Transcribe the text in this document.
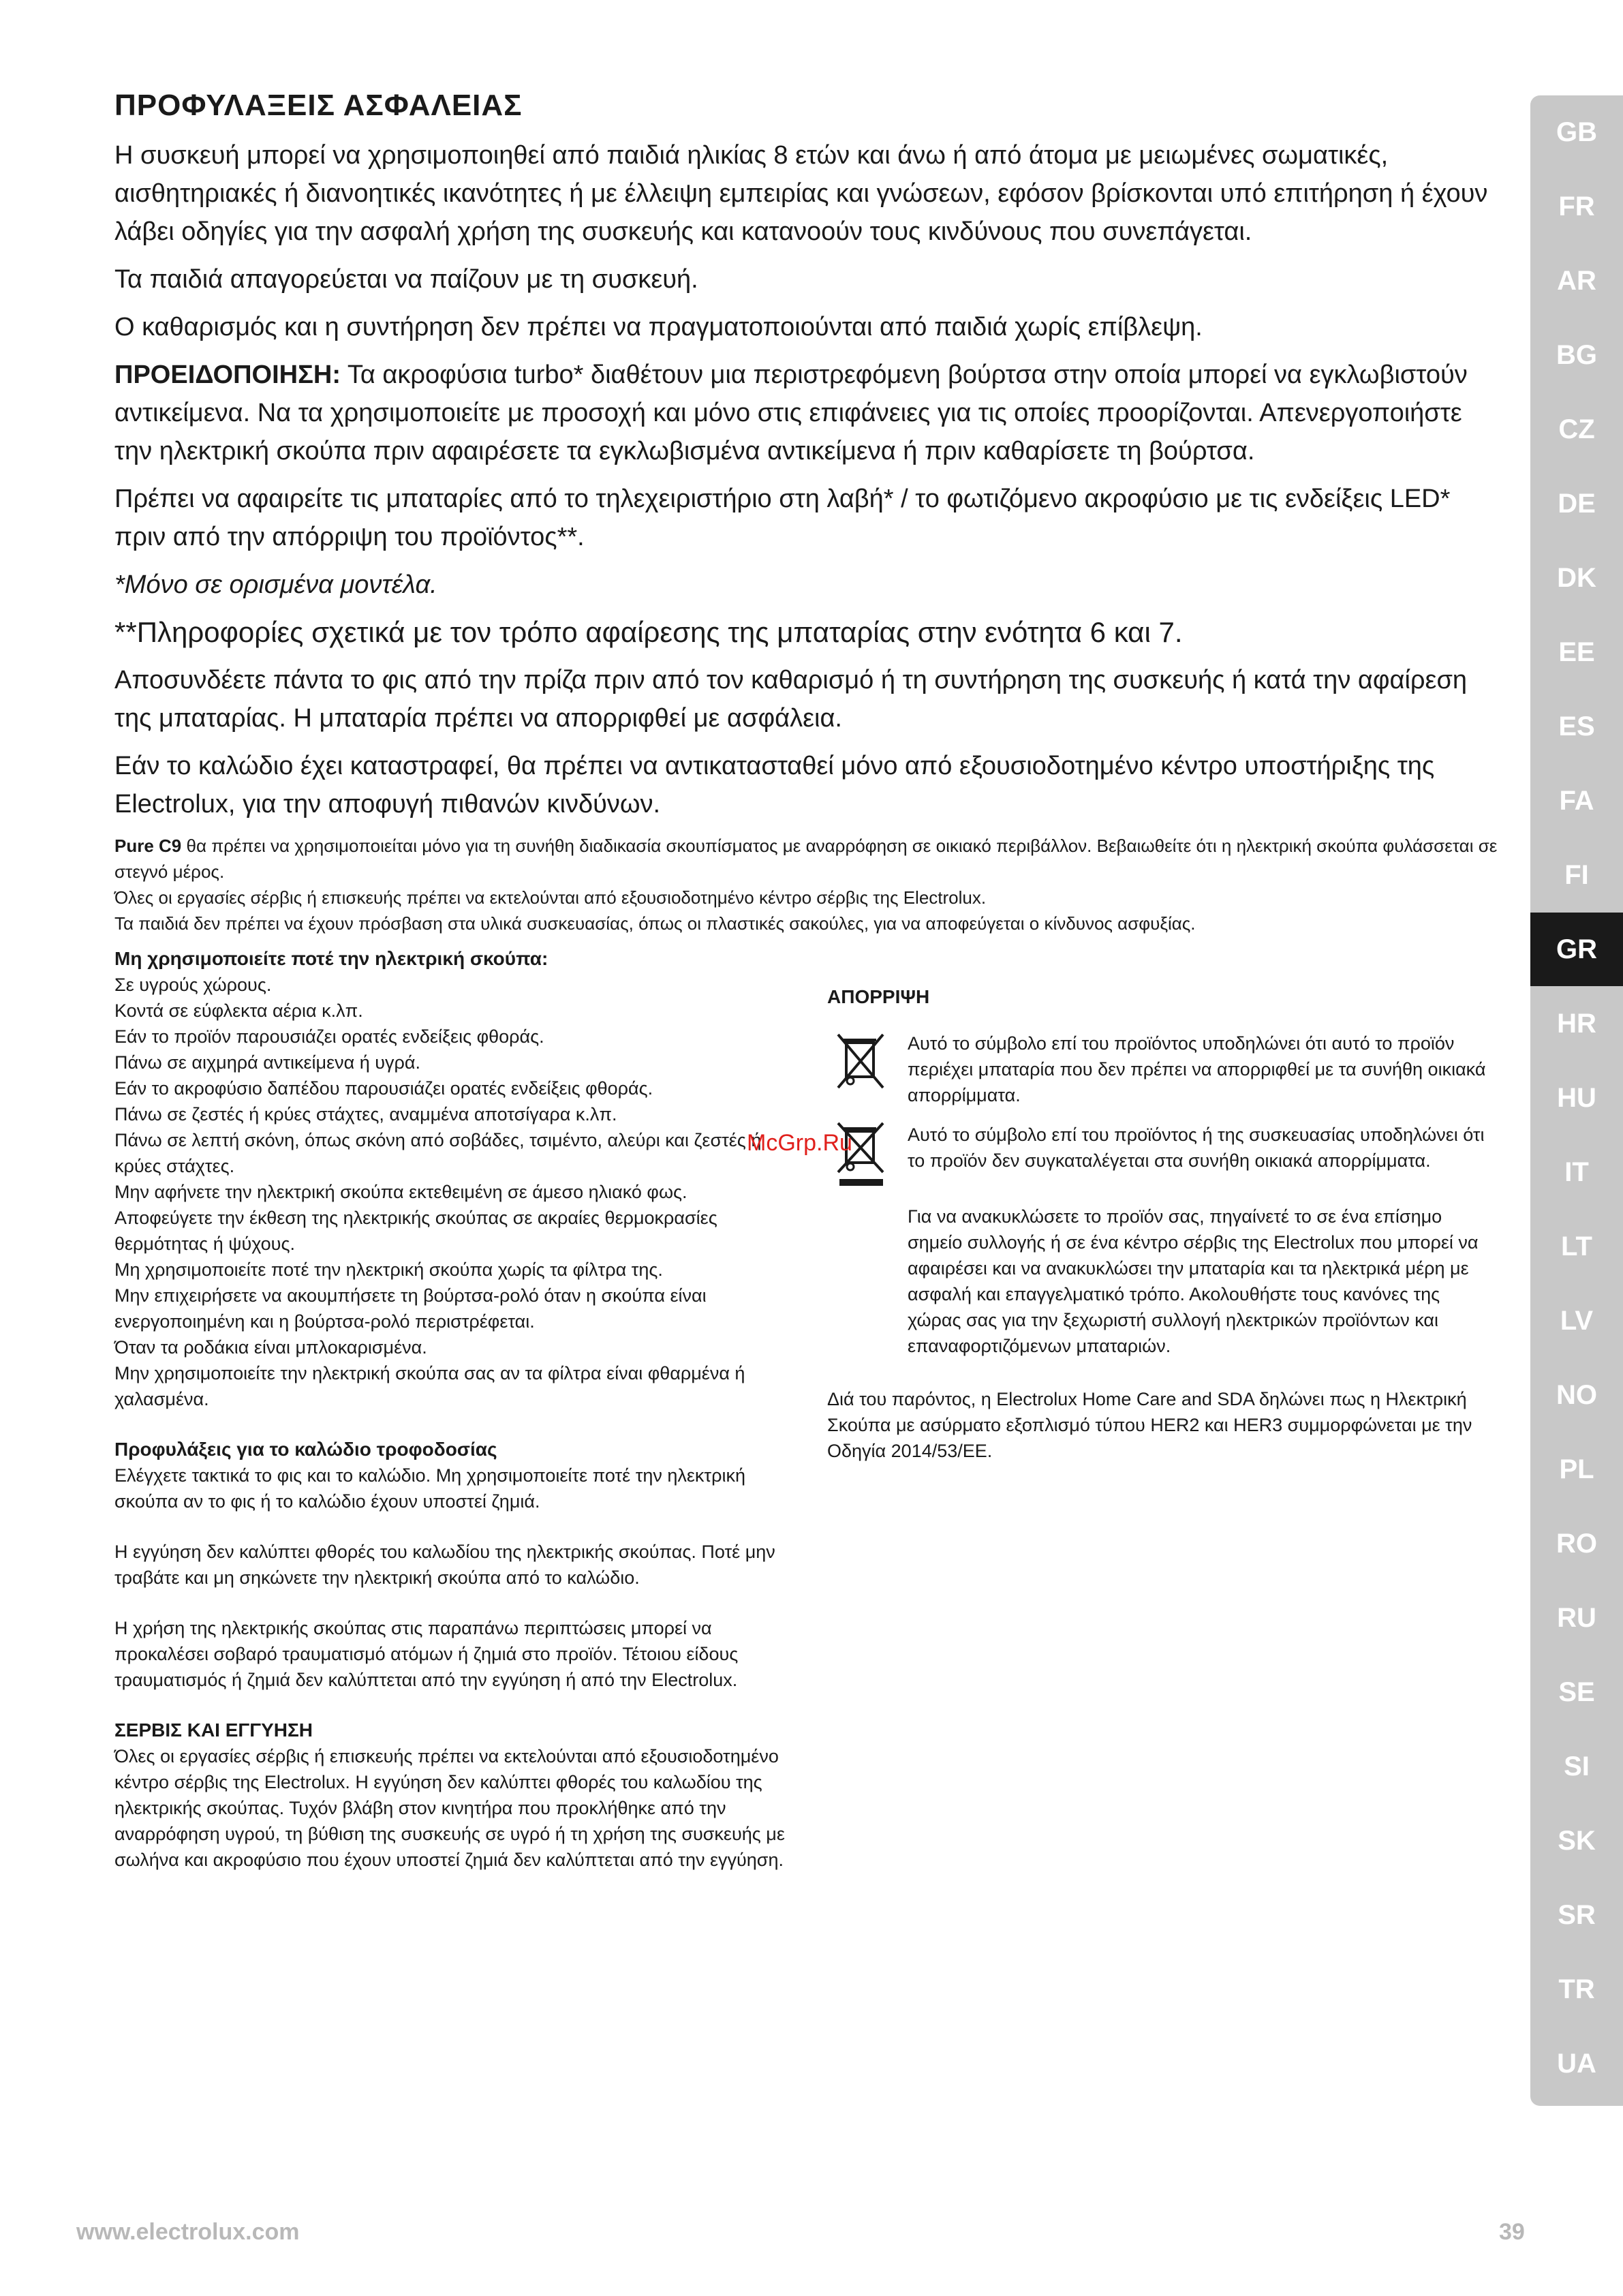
ΠΡΟΦΥΛΑΞΕΙΣ ΑΣΦΑΛΕΙΑΣ

Η συσκευή μπορεί να χρησιμοποιηθεί από παιδιά ηλικίας 8 ετών και άνω ή από άτομα με μειωμένες σωματικές, αισθητηριακές ή διανοητικές ικανότητες ή με έλλειψη εμπειρίας και γνώσεων, εφόσον βρίσκονται υπό επιτήρηση ή έχουν λάβει οδηγίες για την ασφαλή χρήση της συσκευής και κατανοούν τους κινδύνους που συνεπάγεται.

Τα παιδιά απαγορεύεται να παίζουν με τη συσκευή.

Ο καθαρισμός και η συντήρηση δεν πρέπει να πραγματοποιούνται από παιδιά χωρίς επίβλεψη.

ΠΡΟΕΙΔΟΠΟΙΗΣΗ: Τα ακροφύσια turbo* διαθέτουν μια περιστρεφόμενη βούρτσα στην οποία μπορεί να εγκλωβιστούν αντικείμενα. Να τα χρησιμοποιείτε με προσοχή και μόνο στις επιφάνειες για τις οποίες προορίζονται. Απενεργοποιήστε την ηλεκτρική σκούπα πριν αφαιρέσετε τα εγκλωβισμένα αντικείμενα ή πριν καθαρίσετε τη βούρτσα.

Πρέπει να αφαιρείτε τις μπαταρίες από το τηλεχειριστήριο στη λαβή* / το φωτιζόμενο ακροφύσιο με τις ενδείξεις LED* πριν από την απόρριψη του προϊόντος**.

*Μόνο σε ορισμένα μοντέλα.

**Πληροφορίες σχετικά με τον τρόπο αφαίρεσης της μπαταρίας στην ενότητα 6 και 7.

Αποσυνδέετε πάντα το φις από την πρίζα πριν από τον καθαρισμό ή τη συντήρηση της συσκευής ή κατά την αφαίρεση της μπαταρίας. Η μπαταρία πρέπει να απορριφθεί με ασφάλεια.

Εάν το καλώδιο έχει καταστραφεί, θα πρέπει να αντικατασταθεί μόνο από εξουσιοδοτημένο κέντρο υποστήριξης της Electrolux, για την αποφυγή πιθανών κινδύνων.

Pure C9 θα πρέπει να χρησιμοποιείται μόνο για τη συνήθη διαδικασία σκουπίσματος με αναρρόφηση σε οικιακό περιβάλλον. Βεβαιωθείτε ότι η ηλεκτρική σκούπα φυλάσσεται σε στεγνό μέρος.

Όλες οι εργασίες σέρβις ή επισκευής πρέπει να εκτελούνται από εξουσιοδοτημένο κέντρο σέρβις της Electrolux.

Τα παιδιά δεν πρέπει να έχουν πρόσβαση στα υλικά συσκευασίας, όπως οι πλαστικές σακούλες, για να αποφεύγεται ο κίνδυνος ασφυξίας.

Μη χρησιμοποιείτε ποτέ την ηλεκτρική σκούπα:

Σε υγρούς χώρους.

Κοντά σε εύφλεκτα αέρια κ.λπ.

Εάν το προϊόν παρουσιάζει ορατές ενδείξεις φθοράς.

Πάνω σε αιχμηρά αντικείμενα ή υγρά.

Εάν το ακροφύσιο δαπέδου παρουσιάζει ορατές ενδείξεις φθοράς.

Πάνω σε ζεστές ή κρύες στάχτες, αναμμένα αποτσίγαρα κ.λπ.

Πάνω σε λεπτή σκόνη, όπως σκόνη από σοβάδες, τσιμέντο, αλεύρι και ζεστές ή κρύες στάχτες.

Μην αφήνετε την ηλεκτρική σκούπα εκτεθειμένη σε άμεσο ηλιακό φως.

Αποφεύγετε την έκθεση της ηλεκτρικής σκούπας σε ακραίες θερμοκρασίες θερμότητας ή ψύχους.

Μη χρησιμοποιείτε ποτέ την ηλεκτρική σκούπα χωρίς τα φίλτρα της.

Μην επιχειρήσετε να ακουμπήσετε τη βούρτσα-ρολό όταν η σκούπα είναι ενεργοποιημένη και η βούρτσα-ρολό περιστρέφεται.

Όταν τα ροδάκια είναι μπλοκαρισμένα.

Μην χρησιμοποιείτε την ηλεκτρική σκούπα σας αν τα φίλτρα είναι φθαρμένα ή χαλασμένα.

Προφυλάξεις για το καλώδιο τροφοδοσίας

Ελέγχετε τακτικά το φις και το καλώδιο. Μη χρησιμοποιείτε ποτέ την ηλεκτρική σκούπα αν το φις ή το καλώδιο έχουν υποστεί ζημιά.

Η εγγύηση δεν καλύπτει φθορές του καλωδίου της ηλεκτρικής σκούπας. Ποτέ μην τραβάτε και μη σηκώνετε την ηλεκτρική σκούπα από το καλώδιο.

Η χρήση της ηλεκτρικής σκούπας στις παραπάνω περιπτώσεις μπορεί να προκαλέσει σοβαρό τραυματισμό ατόμων ή ζημιά στο προϊόν. Τέτοιου είδους τραυματισμός ή ζημιά δεν καλύπτεται από την εγγύηση ή από την Electrolux.

ΣΕΡΒΙΣ ΚΑΙ ΕΓΓΥΗΣΗ

Όλες οι εργασίες σέρβις ή επισκευής πρέπει να εκτελούνται από εξουσιοδοτημένο κέντρο σέρβις της Electrolux. Η εγγύηση δεν καλύπτει φθορές του καλωδίου της ηλεκτρικής σκούπας. Τυχόν βλάβη στον κινητήρα που προκλήθηκε από την αναρρόφηση υγρού, τη βύθιση της συσκευής σε υγρό ή τη χρήση της συσκευής με σωλήνα και ακροφύσιο που έχουν υποστεί ζημιά δεν καλύπτεται από την εγγύηση.

ΑΠΟΡΡΙΨΗ

Αυτό το σύμβολο επί του προϊόντος υποδηλώνει ότι αυτό το προϊόν περιέχει μπαταρία που δεν πρέπει να απορριφθεί με τα συνήθη οικιακά απορρίμματα.

Αυτό το σύμβολο επί του προϊόντος ή της συσκευασίας υποδηλώνει ότι το προϊόν δεν συγκαταλέγεται στα συνήθη οικιακά απορρίμματα.

Για να ανακυκλώσετε το προϊόν σας, πηγαίνετέ το σε ένα επίσημο σημείο συλλογής ή σε ένα κέντρο σέρβις της Electrolux που μπορεί να αφαιρέσει και να ανακυκλώσει την μπαταρία και τα ηλεκτρικά μέρη με ασφαλή και επαγγελματικό τρόπο. Ακολουθήστε τους κανόνες της χώρας σας για την ξεχωριστή συλλογή ηλεκτρικών προϊόντων και επαναφορτιζόμενων μπαταριών.

Διά του παρόντος, η Electrolux Home Care and SDA δηλώνει πως η Ηλεκτρική Σκούπα με ασύρματο εξοπλισμό τύπου HER2 και HER3 συμμορφώνεται με την Οδηγία 2014/53/ΕΕ.

McGrp.Ru
GB
FR
AR
BG
CZ
DE
DK
EE
ES
FA
FI
GR
HR
HU
IT
LT
LV
NO
PL
RO
RU
SE
SI
SK
SR
TR
UA
www.electrolux.com	39
